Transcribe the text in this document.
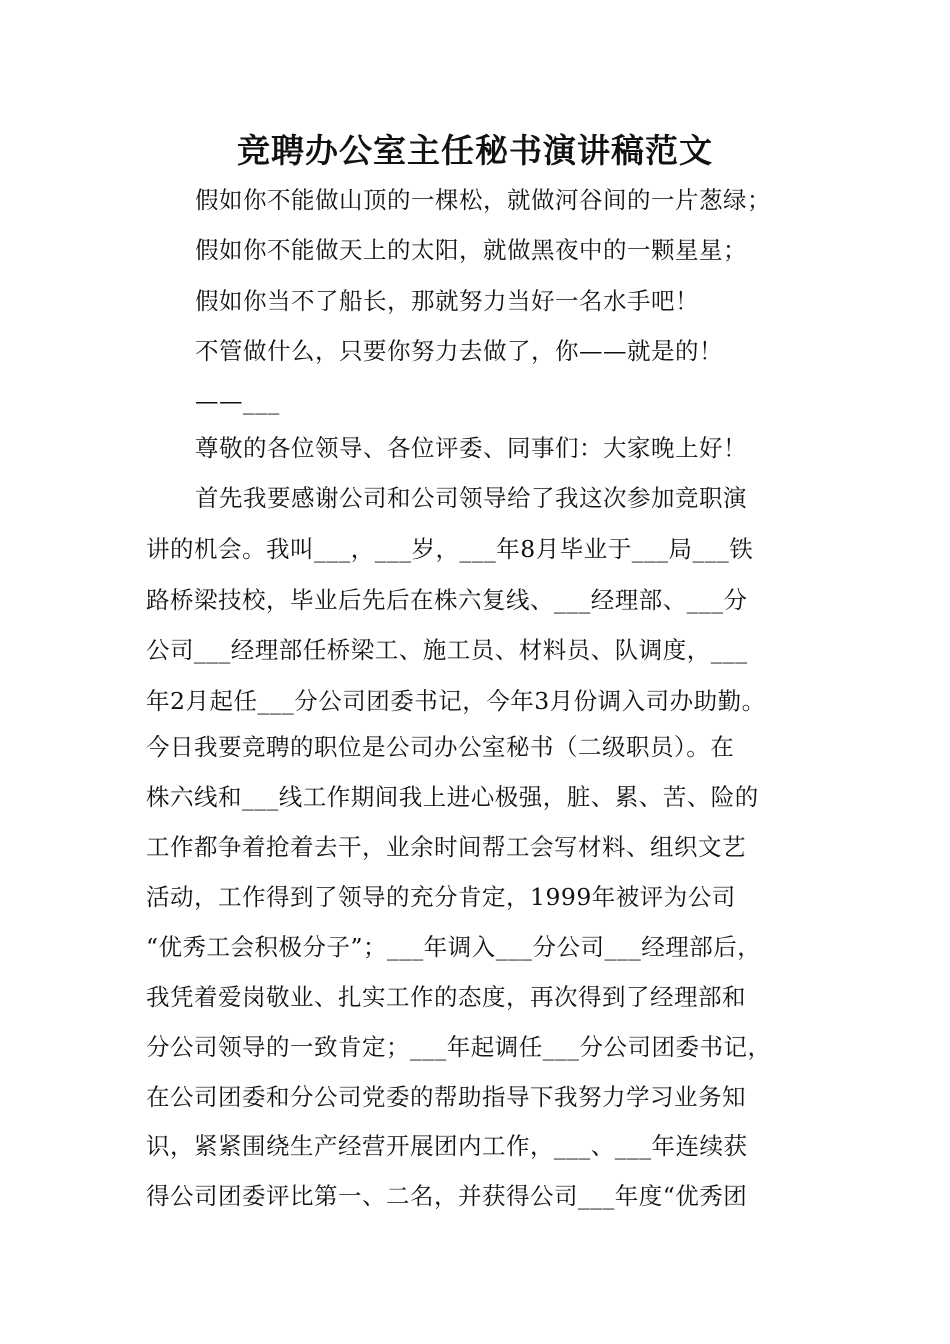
竞聘办公室主任秘书演讲稿范文
假如你不能做山顶的一棵松，就做河谷间的一片葱绿；
假如你不能做天上的太阳，就做黑夜中的一颗星星；
假如你当不了船长，那就努力当好一名水手吧！
不管做什么，只要你努力去做了，你——就是的！
——___
尊敬的各位领导、各位评委、同事们：大家晚上好！
首先我要感谢公司和公司领导给了我这次参加竞职演
讲的机会。我叫___，___岁，___年8月毕业于___局___铁
路桥梁技校，毕业后先后在株六复线、___经理部、___分
公司___经理部任桥梁工、施工员、材料员、队调度，___
年2月起任___分公司团委书记，今年3月份调入司办助勤。
今日我要竞聘的职位是公司办公室秘书（二级职员）。在
株六线和___线工作期间我上进心极强，脏、累、苦、险的
工作都争着抢着去干，业余时间帮工会写材料、组织文艺
活动，工作得到了领导的充分肯定，1999年被评为公司
“优秀工会积极分子”；___年调入___分公司___经理部后，
我凭着爱岗敬业、扎实工作的态度，再次得到了经理部和
分公司领导的一致肯定；___年起调任___分公司团委书记，
在公司团委和分公司党委的帮助指导下我努力学习业务知
识，紧紧围绕生产经营开展团内工作，___、___年连续获
得公司团委评比第一、二名，并获得公司___年度“优秀团
